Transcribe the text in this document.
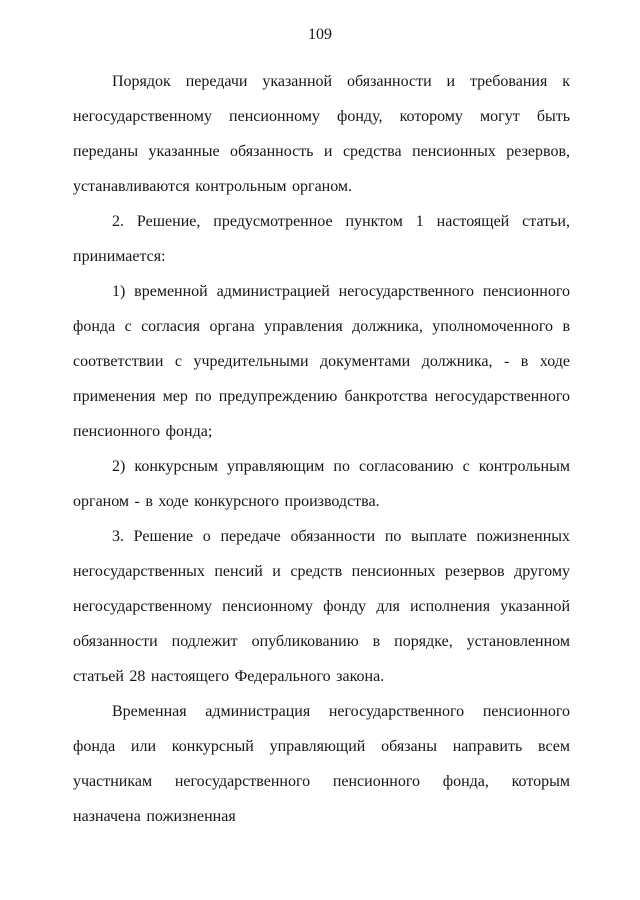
109

Порядок передачи указанной обязанности и требования к негосударственному пенсионному фонду, которому могут быть переданы указанные обязанность и средства пенсионных резервов, устанавливаются контрольным органом.

2. Решение, предусмотренное пунктом 1 настоящей статьи, принимается:

1) временной администрацией негосударственного пенсионного фонда с согласия органа управления должника, уполномоченного в соответствии с учредительными документами должника, - в ходе применения мер по предупреждению банкротства негосударственного пенсионного фонда;

2) конкурсным управляющим по согласованию с контрольным органом - в ходе конкурсного производства.

3. Решение о передаче обязанности по выплате пожизненных негосударственных пенсий и средств пенсионных резервов другому негосударственному пенсионному фонду для исполнения указанной обязанности подлежит опубликованию в порядке, установленном статьей 28 настоящего Федерального закона.

Временная администрация негосударственного пенсионного фонда или конкурсный управляющий обязаны направить всем участникам негосударственного пенсионного фонда, которым назначена пожизненная
